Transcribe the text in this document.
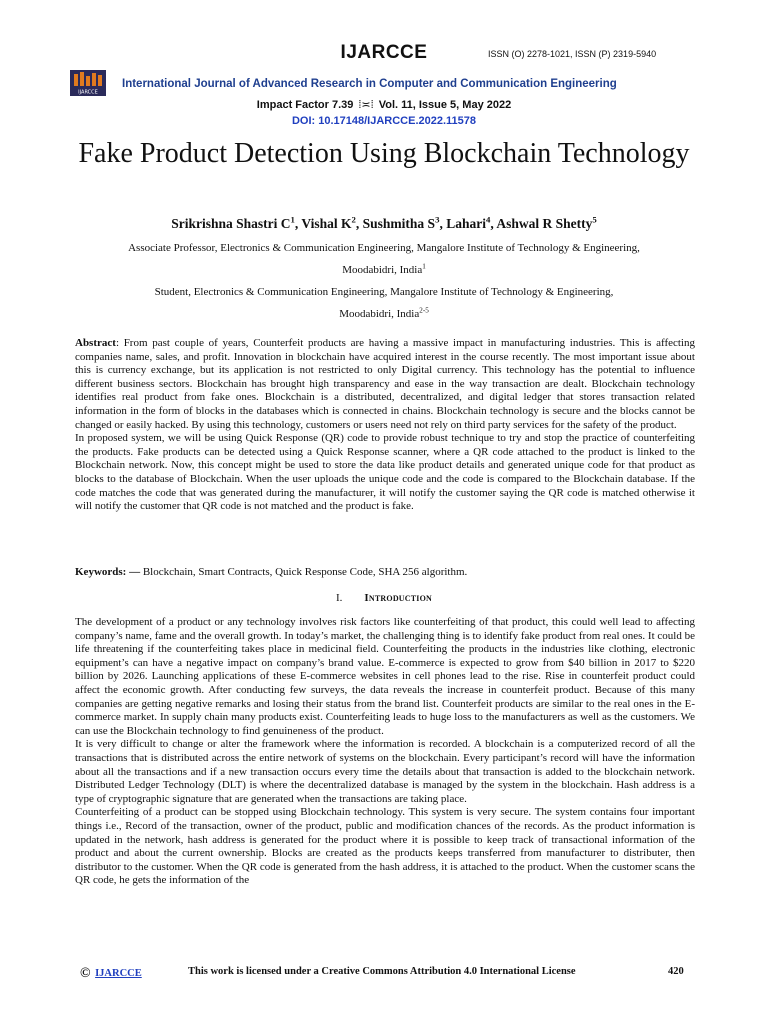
IJARCCE	ISSN (O) 2278-1021, ISSN (P) 2319-5940
IJARCCE
International Journal of Advanced Research in Computer and Communication Engineering
Impact Factor 7.39 ⁞≍⁞ Vol. 11, Issue 5, May 2022
DOI: 10.17148/IJARCCE.2022.11578
Fake Product Detection Using Blockchain Technology
Srikrishna Shastri $C^1$, Vishal $K^2$, Sushmitha $S^3$, Lahari$^4$, Ashwal R Shetty$^5$
Associate Professor, Electronics & Communication Engineering, Mangalore Institute of Technology & Engineering,
Moodabidri, India$^1$
Student, Electronics & Communication Engineering, Mangalore Institute of Technology & Engineering,
Moodabidri, India$^{2-5}$
Abstract: From past couple of years, Counterfeit products are having a massive impact in manufacturing industries. This is affecting companies name, sales, and profit. Innovation in blockchain have acquired interest in the course recently. The most important issue about this is currency exchange, but its application is not restricted to only Digital currency. This technology has the potential to influence different business sectors. Blockchain has brought high transparency and ease in the way transaction are dealt. Blockchain technology identifies real product from fake ones. Blockchain is a distributed, decentralized, and digital ledger that stores transaction related information in the form of blocks in the databases which is connected in chains. Blockchain technology is secure and the blocks cannot be changed or easily hacked. By using this technology, customers or users need not rely on third party services for the safety of the product.
In proposed system, we will be using Quick Response (QR) code to provide robust technique to try and stop the practice of counterfeiting the products. Fake products can be detected using a Quick Response scanner, where a QR code attached to the product is linked to the Blockchain network. Now, this concept might be used to store the data like product details and generated unique code for that product as blocks to the database of Blockchain. When the user uploads the unique code and the code is compared to the Blockchain database. If the code matches the code that was generated during the manufacturer, it will notify the customer saying the QR code is matched otherwise it will notify the customer that QR code is not matched and the product is fake.
Keywords: — Blockchain, Smart Contracts, Quick Response Code, SHA 256 algorithm.
I. Introduction
The development of a product or any technology involves risk factors like counterfeiting of that product, this could well lead to affecting company’s name, fame and the overall growth. In today’s market, the challenging thing is to identify fake product from real ones. It could be life threatening if the counterfeiting takes place in medicinal field. Counterfeiting the products in the industries like clothing, electronic equipment’s can have a negative impact on company’s brand value. E-commerce is expected to grow from $40 billion in 2017 to $220 billion by 2026. Launching applications of these E-commerce websites in cell phones lead to the rise. Rise in counterfeit product could affect the economic growth. After conducting few surveys, the data reveals the increase in counterfeit product. Because of this many companies are getting negative remarks and losing their status from the brand list. Counterfeit products are similar to the real ones in the E-commerce market. In supply chain many products exist. Counterfeiting leads to huge loss to the manufacturers as well as the customers. We can use the Blockchain technology to find genuineness of the product.
It is very difficult to change or alter the framework where the information is recorded. A blockchain is a computerized record of all the transactions that is distributed across the entire network of systems on the blockchain. Every participant’s record will have the information about all the transactions and if a new transaction occurs every time the details about that transaction is added to the blockchain network. Distributed Ledger Technology (DLT) is where the decentralized database is managed by the system in the blockchain. Hash address is a type of cryptographic signature that are generated when the transactions are taking place.
Counterfeiting of a product can be stopped using Blockchain technology. This system is very secure. The system contains four important things i.e., Record of the transaction, owner of the product, public and modification chances of the records. As the product information is updated in the network, hash address is generated for the product where it is possible to keep track of transactional information of the product and about the current ownership. Blocks are created as the products keeps transferred from manufacturer to distributer, then distributor to the customer. When the QR code is generated from the hash address, it is attached to the product. When the customer scans the QR code, he gets the information of the
© IJARCCE	This work is licensed under a Creative Commons Attribution 4.0 International License	420
